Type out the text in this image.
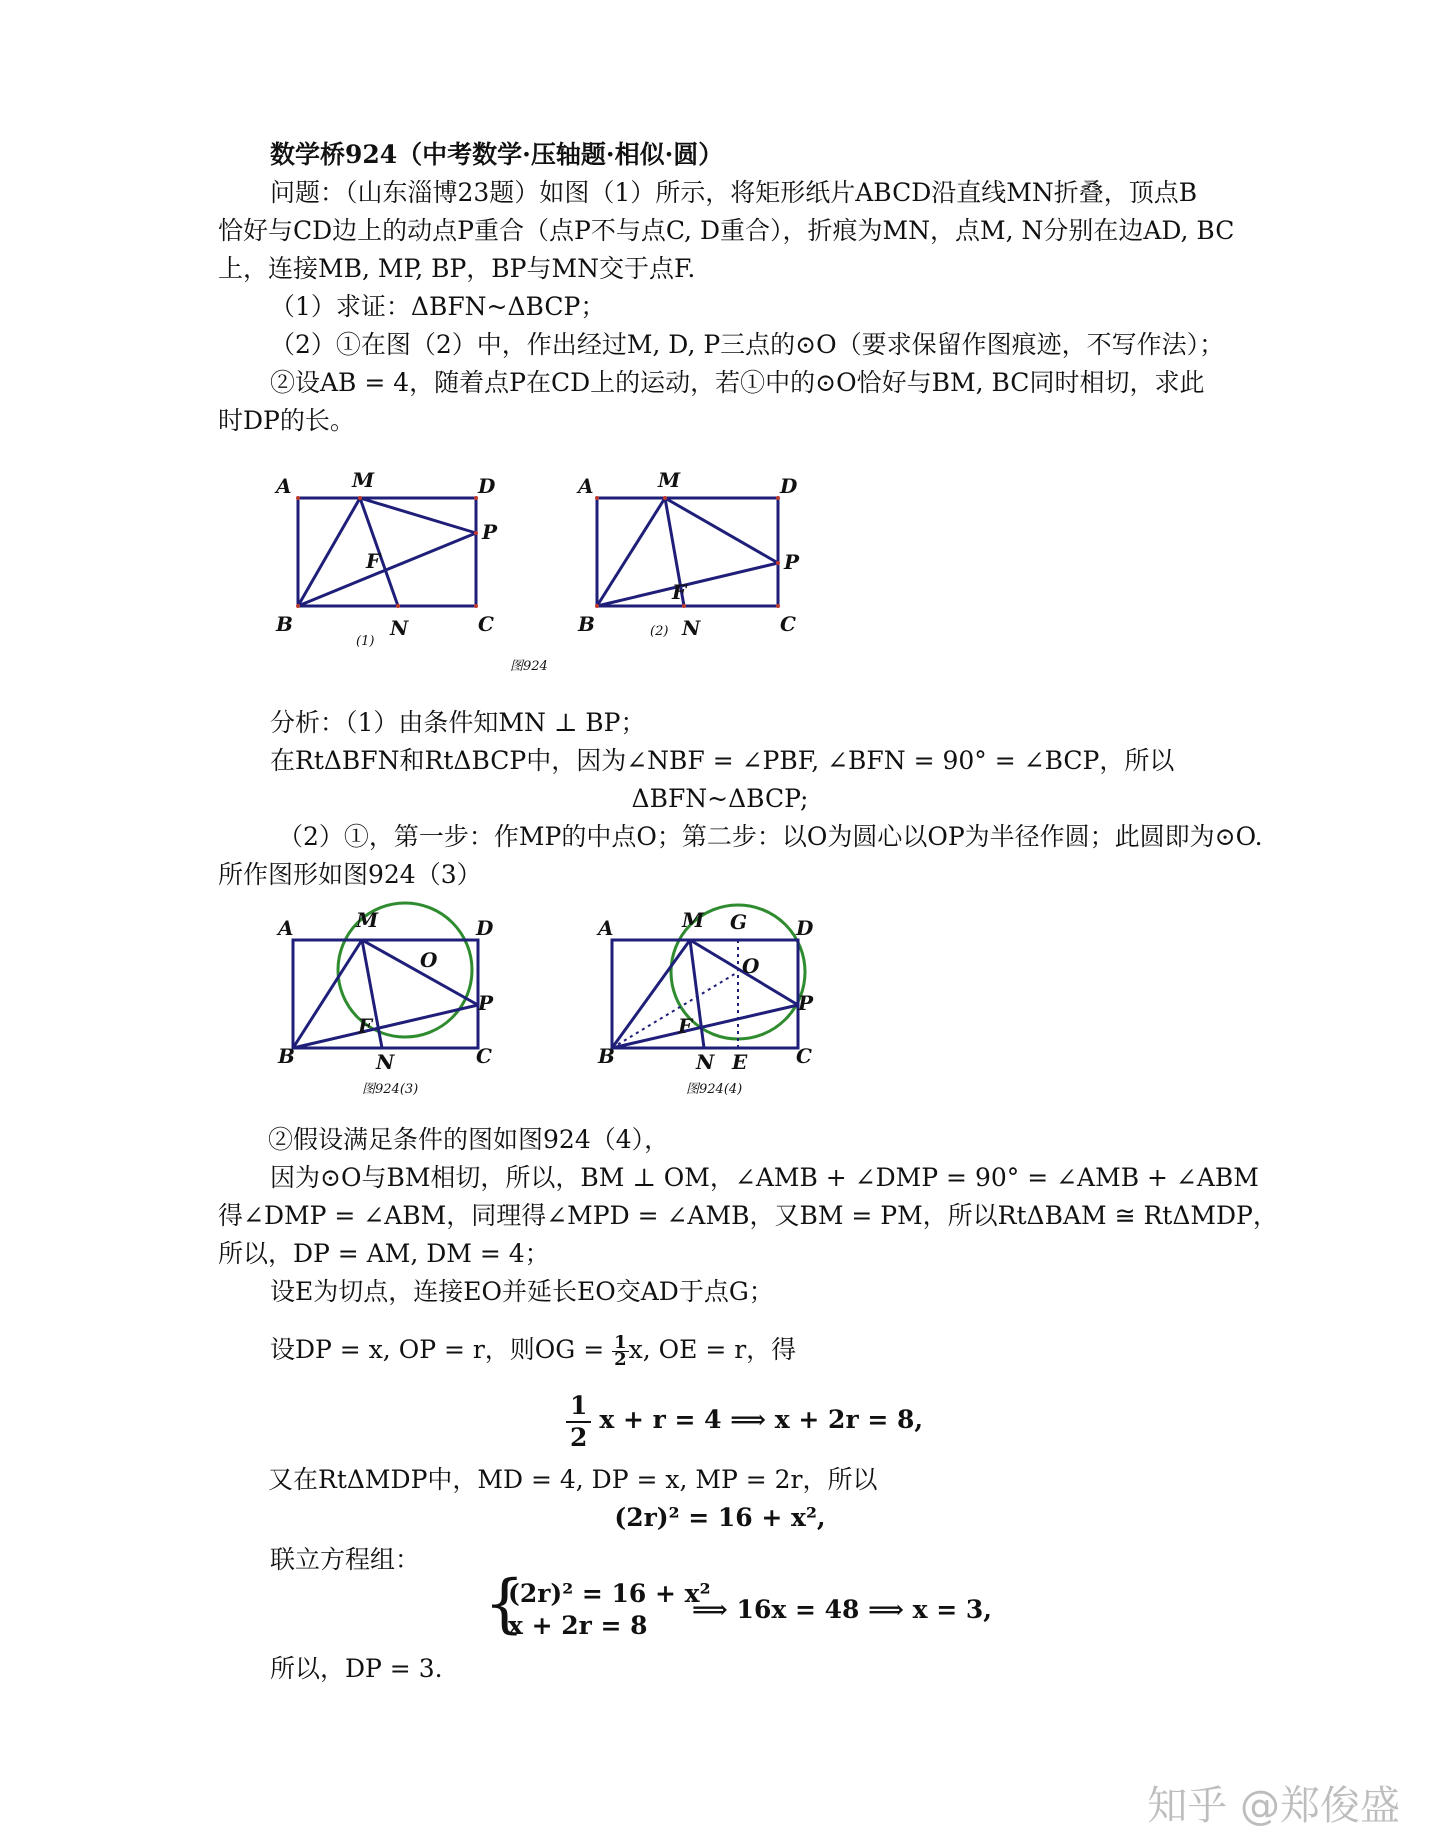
数学桥924（中考数学·压轴题·相似·圆）
问题：（山东淄博23题）如图（1）所示，将矩形纸片ABCD沿直线MN折叠，顶点B
恰好与CD边上的动点P重合（点P不与点C, D重合），折痕为MN，点M, N分别在边AD, BC
上，连接MB, MP, BP，BP与MN交于点F.
（1）求证：ΔBFN~ΔBCP；
（2）①在图（2）中，作出经过M, D, P三点的⊙O（要求保留作图痕迹，不写作法）；
②设AB = 4，随着点P在CD上的运动，若①中的⊙O恰好与BM, BC同时相切，求此
时DP的长。
A	M	D
P
F
B	N	C
(1)
A	M	D
P
F
B	N	C
(2)
图924
分析：（1）由条件知MN ⊥ BP；
在RtΔBFN和RtΔBCP中，因为∠NBF = ∠PBF, ∠BFN = 90° = ∠BCP，所以
ΔBFN~ΔBCP;
（2）①，第一步：作MP的中点O；第二步：以O为圆心以OP为半径作圆；此圆即为⊙O.
所作图形如图924（3）
A	M	D
O
P
F
B	N	C
图924(3)
A	M G D
O
P
F
B	N E C
图924(4)
②假设满足条件的图如图924（4），
因为⊙O与BM相切，所以，BM ⊥ OM，∠AMB + ∠DMP = 90° = ∠AMB + ∠ABM
得∠DMP = ∠ABM，同理得∠MPD = ∠AMB，又BM = PM，所以RtΔBAM ≅ RtΔMDP，
所以，DP = AM, DM = 4；
设E为切点，连接EO并延长EO交AD于点G；
设DP = x, OP = r，则OG = $\frac{1}{2} x$, OE = r，得
$\frac{1}{2}$ x + r = 4 ⟹ x + 2r = 8,
又在RtΔMDP中，MD = 4, DP = x, MP = 2r，所以
(2r)² = 16 + x²,
联立方程组：
{
(2r)² = 16 + x²
x + 2r = 8
⟹ 16x = 48 ⟹ x = 3,
所以，DP = 3.
知乎 @郑俊盛
